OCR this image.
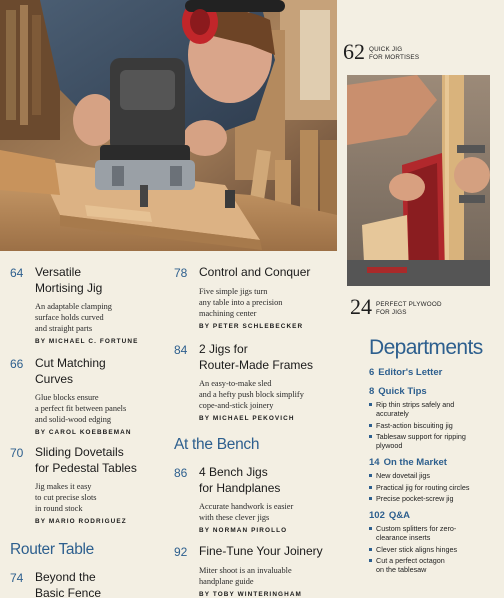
62 QUICK JIG
FOR MORTISES
24 PERFECT PLYWOOD
FOR JIGS
64 Versatile
Mortising Jig
An adaptable clamping
surface holds curved
and straight parts
BY MICHAEL C. FORTUNE
66 Cut Matching
Curves
Glue blocks ensure
a perfect fit between panels
and solid-wood edging
BY CAROL KOEBBEMAN
70 Sliding Dovetails
for Pedestal Tables
Jig makes it easy
to cut precise slots
in round stock
BY MARIO RODRIGUEZ
Router Table
74 Beyond the
Basic Fence
78 Control and Conquer
Five simple jigs turn
any table into a precision
machining center
BY PETER SCHLEBECKER
84 2 Jigs for
Router-Made Frames
An easy-to-make sled
and a hefty push block simplify
cope-and-stick joinery
BY MICHAEL PEKOVICH
At the Bench
86 4 Bench Jigs
for Handplanes
Accurate handwork is easier
with these clever jigs
BY NORMAN PIROLLO
92 Fine-Tune Your Joinery
Miter shoot is an invaluable
handplane guide
BY TOBY WINTERINGHAM
Departments
6 Editor's Letter
8 Quick Tips
Rip thin strips safely and
accurately
Fast-action biscuiting jig
Tablesaw support for ripping
plywood
14 On the Market
New dovetail jigs
Practical jig for routing circles
Precise pocket-screw jig
102 Q&A
Custom splitters for zero-
clearance inserts
Clever stick aligns hinges
Cut a perfect octagon
on the tablesaw
